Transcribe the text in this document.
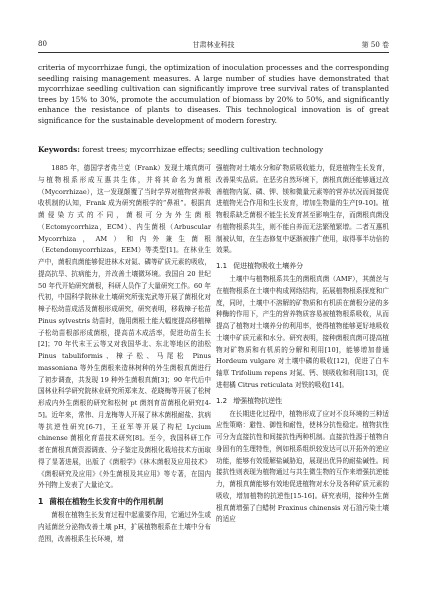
80	甘肃林业科技	第 50 卷

criteria of mycorrhizae fungi, the optimization of inoculation processes and the corresponding seedling raising management measures. A large number of studies have demonstrated that mycorrhizae seedling cultivation can significantly improve tree survival rates of transplanted trees by 15% to 30%, promote the accumulation of biomass by 20% to 50%, and significantly enhance the resistance of plants to diseases. This technological innovation is of great significance for the sustainable development of modern forestry.

Keywords: forest trees; mycorrhizae effects; seedling cultivation technology

1885 年，德国学者弗兰克（Frank）发现土壤真菌可与植物根系形成互惠共生体，并将其命名为菌根（Mycorrhizae），这一发现颠覆了当时学界对植物营养吸收机制的认知，Frank 成为研究菌根学的“鼻祖”。根据真菌侵染方式的不同，菌根可分为外生菌根（Ectomycorrhiza，ECM）、内生菌根（Arbuscular Mycorrhiza，AM）和内外兼生菌根（Ectendomycorrhizas，EEM）等类型[1]。在林业生产中，菌根真菌能够促进林木对氮、磷等矿质元素的吸收，提高抗旱、抗病能力，并改善土壤微环境。我国自 20 世纪 50 年代开始研究菌根，科研人员作了大量研究工作。60 年代初，中国科学院林业土壤研究所张宪武等开展了菌根化对樟子松幼苗成活及菌根形成研究，研究表明，移栽樟子松苗 Pinus sylvestris 幼苗时，施用菌根土能大幅度提高移植樟子松幼苗根部形成菌根，提高苗木成活率，促进幼苗生长[2]；70 年代末王云等又对我国华北、东北等地区的油松 Pinus tabuliformis、樟子松、马尾松 Pinus massoniana 等外生菌根来造林树种的外生菌根真菌进行了初步调查，共发现 19 种外生菌根真菌[3]；90 年代后中国林业科学研究院林业研究所郑来友、花晓梅等开展了松树形成内外生菌根的研究和松树 pt 菌剂育苗菌根化研究[4-5]。近年来，常伟、月龙梅等人开展了林木菌根耐盐、抗病等抗逆性研究[6-7]，王亚军等开展了构杞 Lycium chinense 菌根化育苗技术研究[8]。至今，我国科研工作者在菌根真菌资源调查、分子鉴定及菌根化栽培技术方面取得了显著进展，出版了《菌根学》《林木菌根及应用技术》《菌根研究及应用》《外生菌根及其应用》等专著，在国内外刊物上发表了大量论文。

1 菌根在植物生长发育中的作用机制

菌根在植物生长发育过程中起重要作用，它通过外生或内延菌丝分泌物改善土壤 pH，扩展植物根系在土壤中分布范围，改善根系生长环境，增

强植物对土壤水分和矿物质吸收能力，促进植物生长发育，改善果实品质。在恶劣自然环境下，菌根真菌还能够通过改善植物内氮、磷、钾、镁和微量元素等的营养状况而间接促进植物光合作用和生长发育，增加生物量的生产[9-10]。植物根系缺乏菌根不能生长发育甚至影响生存，而菌根真菌没有植物根系共生，则不能自养而无法繁殖繁增。二者互惠机制被认知，在生态修复中逐渐被推广使用，取得事半功倍的效果。

1.1 促进植物吸收土壤养分

土壤中与植物根系共生的菌根真菌（AMF），其菌丝与在植物根系在土壤中构成网络结构，拓展植物根系探度和广度，同时，土壤中不溶解的矿物质和有机质在菌根分泌的多种酶的作用下，产生的营养物质容易被植物根系吸收，从而提高了植物对土壤养分的利用率，使得植物能够更好地吸收土壤中矿质元素和水分。研究表明，接种菌根真菌可提高植物对矿物质和有机质的分解和利用[10]，能够增加普通 Hordeum vulgare 对土壤中磷的吸收[12]，促进了白车轴草 Trifolium repens 对氮、钙、镁吸收和利用[13]，促进柑橘 Citrus reticulata 对铁的吸收[14]。

1.2 增强植物抗逆性

在长期进化过程中，植物形成了应对不良环境的三种适应性策略：避性、御性和耐性，使林分抗性稳定。植物抗性可分为直接抗性和间接抗性两种机制。直接抗性源于植物自身固有的生理特性，例如根系组织较发达可以开拓外的逆应功能，能够有效缓解盐碱胁迫，展现出优异的耐盐碱性。间接抗性则表现为植物通过与共生微生物的互作来增强抗逆能力，菌根真菌能够有效地促进植物对水分及各种矿质元素的吸收，增加植物的抗逆性[15-16]。研究表明，接种外生菌根真菌增强了白蜡树 Fraxinus chinensis 对石油污染土壤的适应
